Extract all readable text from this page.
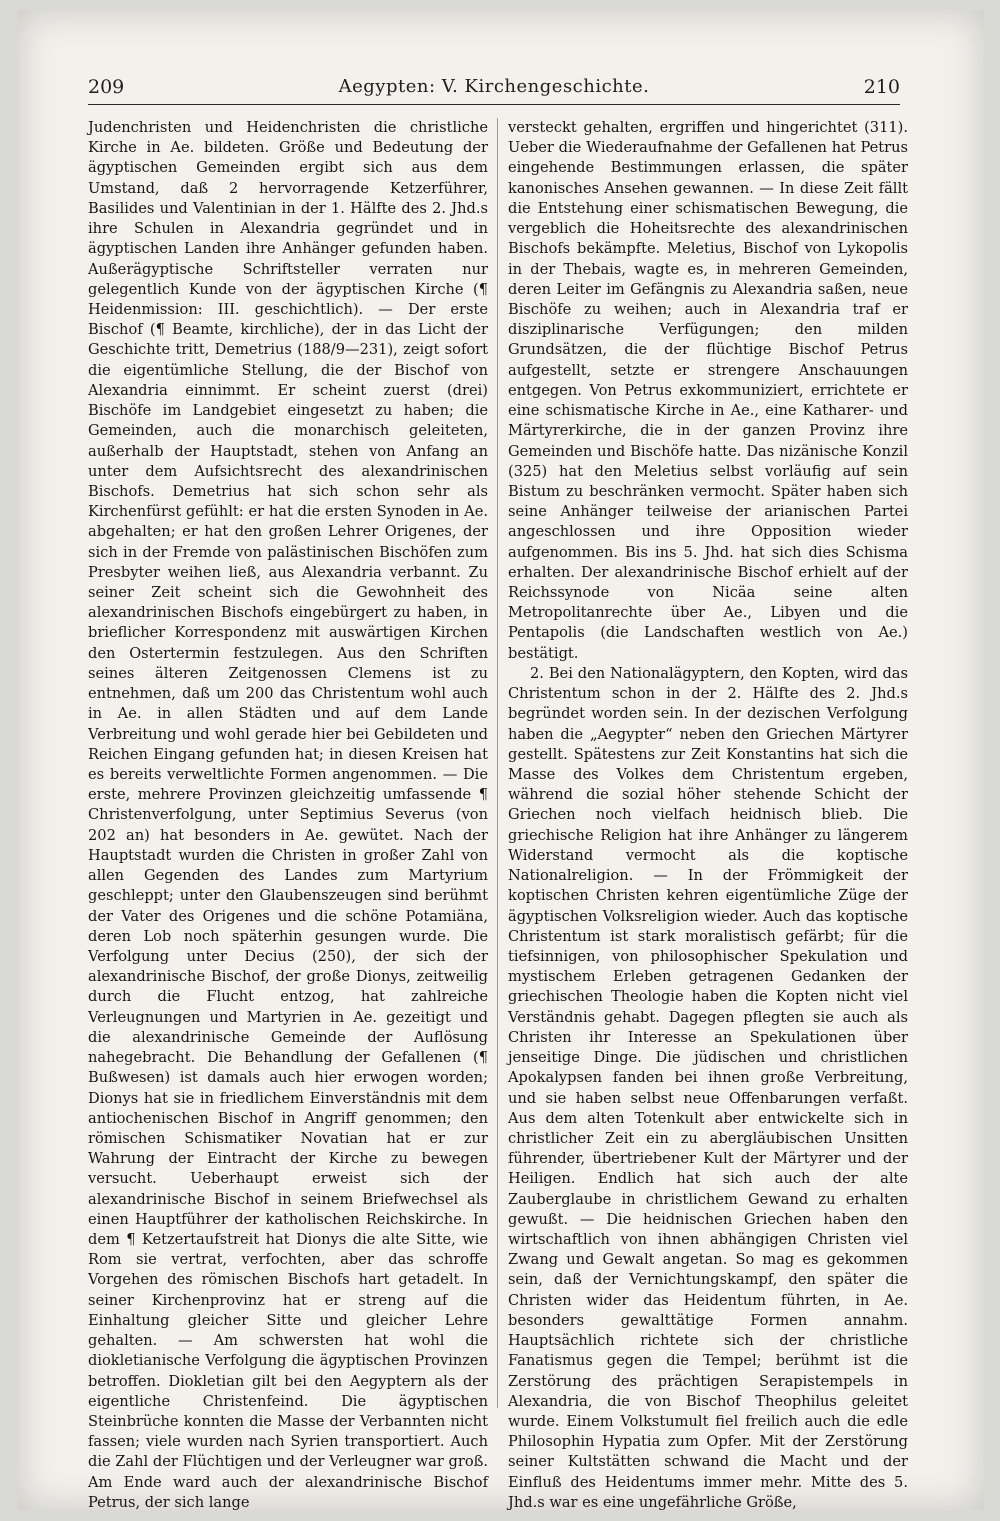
209	Aegypten: V. Kirchengeschichte.	210

Judenchristen und Heidenchristen die christliche Kirche in Ae. bildeten. Größe und Bedeutung der ägyptischen Gemeinden ergibt sich aus dem Umstand, daß 2 hervorragende Ketzerführer, Basilides und Valentinian in der 1. Hälfte des 2. Jhd.s ihre Schulen in Alexandria gegründet und in ägyptischen Landen ihre Anhänger gefunden haben. Außerägyptische Schriftsteller verraten nur gelegentlich Kunde von der ägyptischen Kirche (¶ Heidenmission: III. geschichtlich). — Der erste Bischof (¶ Beamte, kirchliche), der in das Licht der Geschichte tritt, Demetrius (188/9—231), zeigt sofort die eigentümliche Stellung, die der Bischof von Alexandria einnimmt. Er scheint zuerst (drei) Bischöfe im Landgebiet eingesetzt zu haben; die Gemeinden, auch die monarchisch geleiteten, außerhalb der Hauptstadt, stehen von Anfang an unter dem Aufsichtsrecht des alexandrinischen Bischofs. Demetrius hat sich schon sehr als Kirchenfürst gefühlt: er hat die ersten Synoden in Ae. abgehalten; er hat den großen Lehrer Origenes, der sich in der Fremde von palästinischen Bischöfen zum Presbyter weihen ließ, aus Alexandria verbannt. Zu seiner Zeit scheint sich die Gewohnheit des alexandrinischen Bischofs eingebürgert zu haben, in brieflicher Korrespondenz mit auswärtigen Kirchen den Ostertermin festzulegen. Aus den Schriften seines älteren Zeitgenossen Clemens ist zu entnehmen, daß um 200 das Christentum wohl auch in Ae. in allen Städten und auf dem Lande Verbreitung und wohl gerade hier bei Gebildeten und Reichen Eingang gefunden hat; in diesen Kreisen hat es bereits verweltlichte Formen angenommen. — Die erste, mehrere Provinzen gleichzeitig umfassende ¶ Christenverfolgung, unter Septimius Severus (von 202 an) hat besonders in Ae. gewütet. Nach der Hauptstadt wurden die Christen in großer Zahl von allen Gegenden des Landes zum Martyrium geschleppt; unter den Glaubenszeugen sind berühmt der Vater des Origenes und die schöne Potamiäna, deren Lob noch späterhin gesungen wurde. Die Verfolgung unter Decius (250), der sich der alexandrinische Bischof, der große Dionys, zeitweilig durch die Flucht entzog, hat zahlreiche Verleugnungen und Martyrien in Ae. gezeitigt und die alexandrinische Gemeinde der Auflösung nahegebracht. Die Behandlung der Gefallenen (¶ Bußwesen) ist damals auch hier erwogen worden; Dionys hat sie in friedlichem Einverständnis mit dem antiochenischen Bischof in Angriff genommen; den römischen Schismatiker Novatian hat er zur Wahrung der Eintracht der Kirche zu bewegen versucht. Ueberhaupt erweist sich der alexandrinische Bischof in seinem Briefwechsel als einen Hauptführer der katholischen Reichskirche. In dem ¶ Ketzertaufstreit hat Dionys die alte Sitte, wie Rom sie vertrat, verfochten, aber das schroffe Vorgehen des römischen Bischofs hart getadelt. In seiner Kirchenprovinz hat er streng auf die Einhaltung gleicher Sitte und gleicher Lehre gehalten. — Am schwersten hat wohl die diokletianische Verfolgung die ägyptischen Provinzen betroffen. Diokletian gilt bei den Aegyptern als der eigentliche Christenfeind. Die ägyptischen Steinbrüche konnten die Masse der Verbannten nicht fassen; viele wurden nach Syrien transportiert. Auch die Zahl der Flüchtigen und der Verleugner war groß. Am Ende ward auch der alexandrinische Bischof Petrus, der sich lange

versteckt gehalten, ergriffen und hingerichtet (311). Ueber die Wiederaufnahme der Gefallenen hat Petrus eingehende Bestimmungen erlassen, die später kanonisches Ansehen gewannen. — In diese Zeit fällt die Entstehung einer schismatischen Bewegung, die vergeblich die Hoheitsrechte des alexandrinischen Bischofs bekämpfte. Meletius, Bischof von Lykopolis in der Thebais, wagte es, in mehreren Gemeinden, deren Leiter im Gefängnis zu Alexandria saßen, neue Bischöfe zu weihen; auch in Alexandria traf er disziplinarische Verfügungen; den milden Grundsätzen, die der flüchtige Bischof Petrus aufgestellt, setzte er strengere Anschauungen entgegen. Von Petrus exkommuniziert, errichtete er eine schismatische Kirche in Ae., eine Katharer- und Märtyrerkirche, die in der ganzen Provinz ihre Gemeinden und Bischöfe hatte. Das nizänische Konzil (325) hat den Meletius selbst vorläufig auf sein Bistum zu beschränken vermocht. Später haben sich seine Anhänger teilweise der arianischen Partei angeschlossen und ihre Opposition wieder aufgenommen. Bis ins 5. Jhd. hat sich dies Schisma erhalten. Der alexandrinische Bischof erhielt auf der Reichssynode von Nicäa seine alten Metropolitanrechte über Ae., Libyen und die Pentapolis (die Landschaften westlich von Ae.) bestätigt.

2. Bei den Nationalägyptern, den Kopten, wird das Christentum schon in der 2. Hälfte des 2. Jhd.s begründet worden sein. In der dezischen Verfolgung haben die „Aegypter“ neben den Griechen Märtyrer gestellt. Spätestens zur Zeit Konstantins hat sich die Masse des Volkes dem Christentum ergeben, während die sozial höher stehende Schicht der Griechen noch vielfach heidnisch blieb. Die griechische Religion hat ihre Anhänger zu längerem Widerstand vermocht als die koptische Nationalreligion. — In der Frömmigkeit der koptischen Christen kehren eigentümliche Züge der ägyptischen Volksreligion wieder. Auch das koptische Christentum ist stark moralistisch gefärbt; für die tiefsinnigen, von philosophischer Spekulation und mystischem Erleben getragenen Gedanken der griechischen Theologie haben die Kopten nicht viel Verständnis gehabt. Dagegen pflegten sie auch als Christen ihr Interesse an Spekulationen über jenseitige Dinge. Die jüdischen und christlichen Apokalypsen fanden bei ihnen große Verbreitung, und sie haben selbst neue Offenbarungen verfaßt. Aus dem alten Totenkult aber entwickelte sich in christlicher Zeit ein zu abergläubischen Unsitten führender, übertriebener Kult der Märtyrer und der Heiligen. Endlich hat sich auch der alte Zauberglaube in christlichem Gewand zu erhalten gewußt. — Die heidnischen Griechen haben den wirtschaftlich von ihnen abhängigen Christen viel Zwang und Gewalt angetan. So mag es gekommen sein, daß der Vernichtungskampf, den später die Christen wider das Heidentum führten, in Ae. besonders gewalttätige Formen annahm. Hauptsächlich richtete sich der christliche Fanatismus gegen die Tempel; berühmt ist die Zerstörung des prächtigen Serapistempels in Alexandria, die von Bischof Theophilus geleitet wurde. Einem Volkstumult fiel freilich auch die edle Philosophin Hypatia zum Opfer. Mit der Zerstörung seiner Kultstätten schwand die Macht und der Einfluß des Heidentums immer mehr. Mitte des 5. Jhd.s war es eine ungefährliche Größe,
